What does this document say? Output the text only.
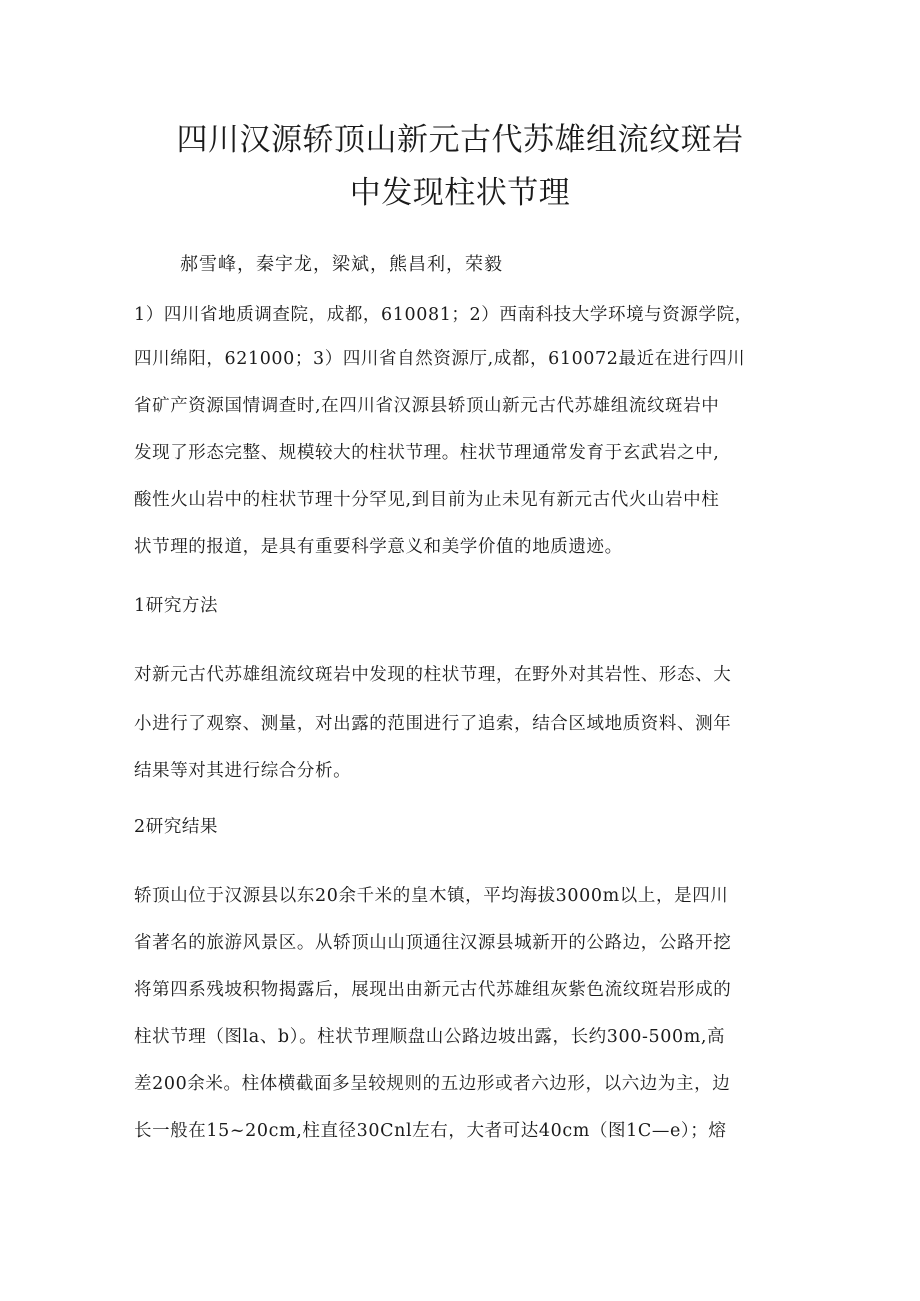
四川汉源轿顶山新元古代苏雄组流纹斑岩
中发现柱状节理
郝雪峰，秦宇龙，梁斌，熊昌利，荣毅
1）四川省地质调查院，成都，610081；2）西南科技大学环境与资源学院，
四川绵阳，621000；3）四川省自然资源厅,成都，610072最近在进行四川
省矿产资源国情调查时,在四川省汉源县轿顶山新元古代苏雄组流纹斑岩中
发现了形态完整、规模较大的柱状节理。柱状节理通常发育于玄武岩之中,
酸性火山岩中的柱状节理十分罕见,到目前为止未见有新元古代火山岩中柱
状节理的报道，是具有重要科学意义和美学价值的地质遗迹。
1研究方法
对新元古代苏雄组流纹斑岩中发现的柱状节理，在野外对其岩性、形态、大
小进行了观察、测量，对出露的范围进行了追索，结合区域地质资料、测年
结果等对其进行综合分析。
2研究结果
轿顶山位于汉源县以东20余千米的皇木镇，平均海拔3000m以上，是四川
省著名的旅游风景区。从轿顶山山顶通往汉源县城新开的公路边，公路开挖
将第四系残坡积物揭露后，展现出由新元古代苏雄组灰紫色流纹斑岩形成的
柱状节理（图la、b）。柱状节理顺盘山公路边坡出露，长约300-500m,高
差200余米。柱体横截面多呈较规则的五边形或者六边形，以六边为主，边
长一般在15~20cm,柱直径30Cnl左右，大者可达40cm（图1C—e）；熔
